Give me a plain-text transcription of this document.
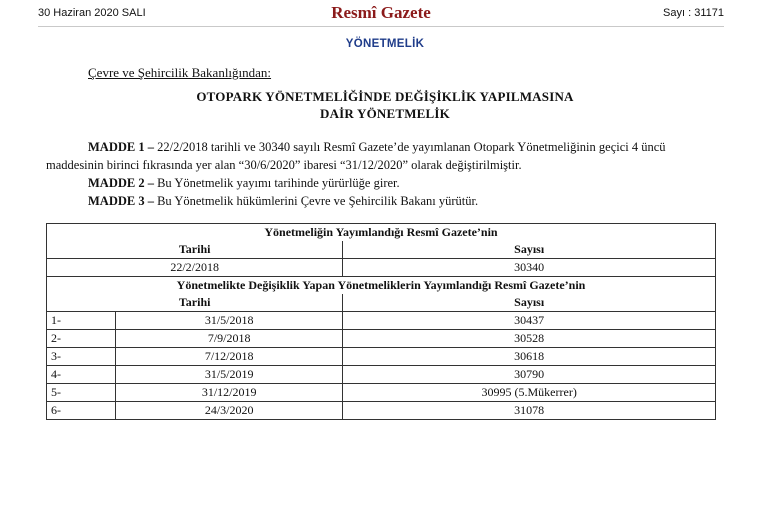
30 Haziran 2020 SALI	Resmî Gazete	Sayı : 31171
YÖNETMELİK
Çevre ve Şehircilik Bakanlığından:
OTOPARK YÖNETMELİĞİNDE DEĞİŞİKLİK YAPILMASINA
DAİR YÖNETMELİK
MADDE 1 – 22/2/2018 tarihli ve 30340 sayılı Resmî Gazete’de yayımlanan Otopark Yönetmeliğinin geçici 4 üncü maddesinin birinci fıkrasında yer alan “30/6/2020” ibaresi “31/12/2020” olarak değiştirilmiştir.
MADDE 2 – Bu Yönetmelik yayımı tarihinde yürürlüğe girer.
MADDE 3 – Bu Yönetmelik hükümlerini Çevre ve Şehircilik Bakanı yürütür.
Yönetmeliğin Yayımlandığı Resmî Gazete’nin		
Tarihi		Sayısı
22/2/2018		30340
Yönetmelikte Değişiklik Yapan Yönetmeliklerin Yayımlandığı Resmî Gazete’nin		
Tarihi		Sayısı
1-	31/5/2018	30437
2-	7/9/2018	30528
3-	7/12/2018	30618
4-	31/5/2019	30790
5-	31/12/2019	30995 (5.Mükerrer)
6-	24/3/2020	31078
